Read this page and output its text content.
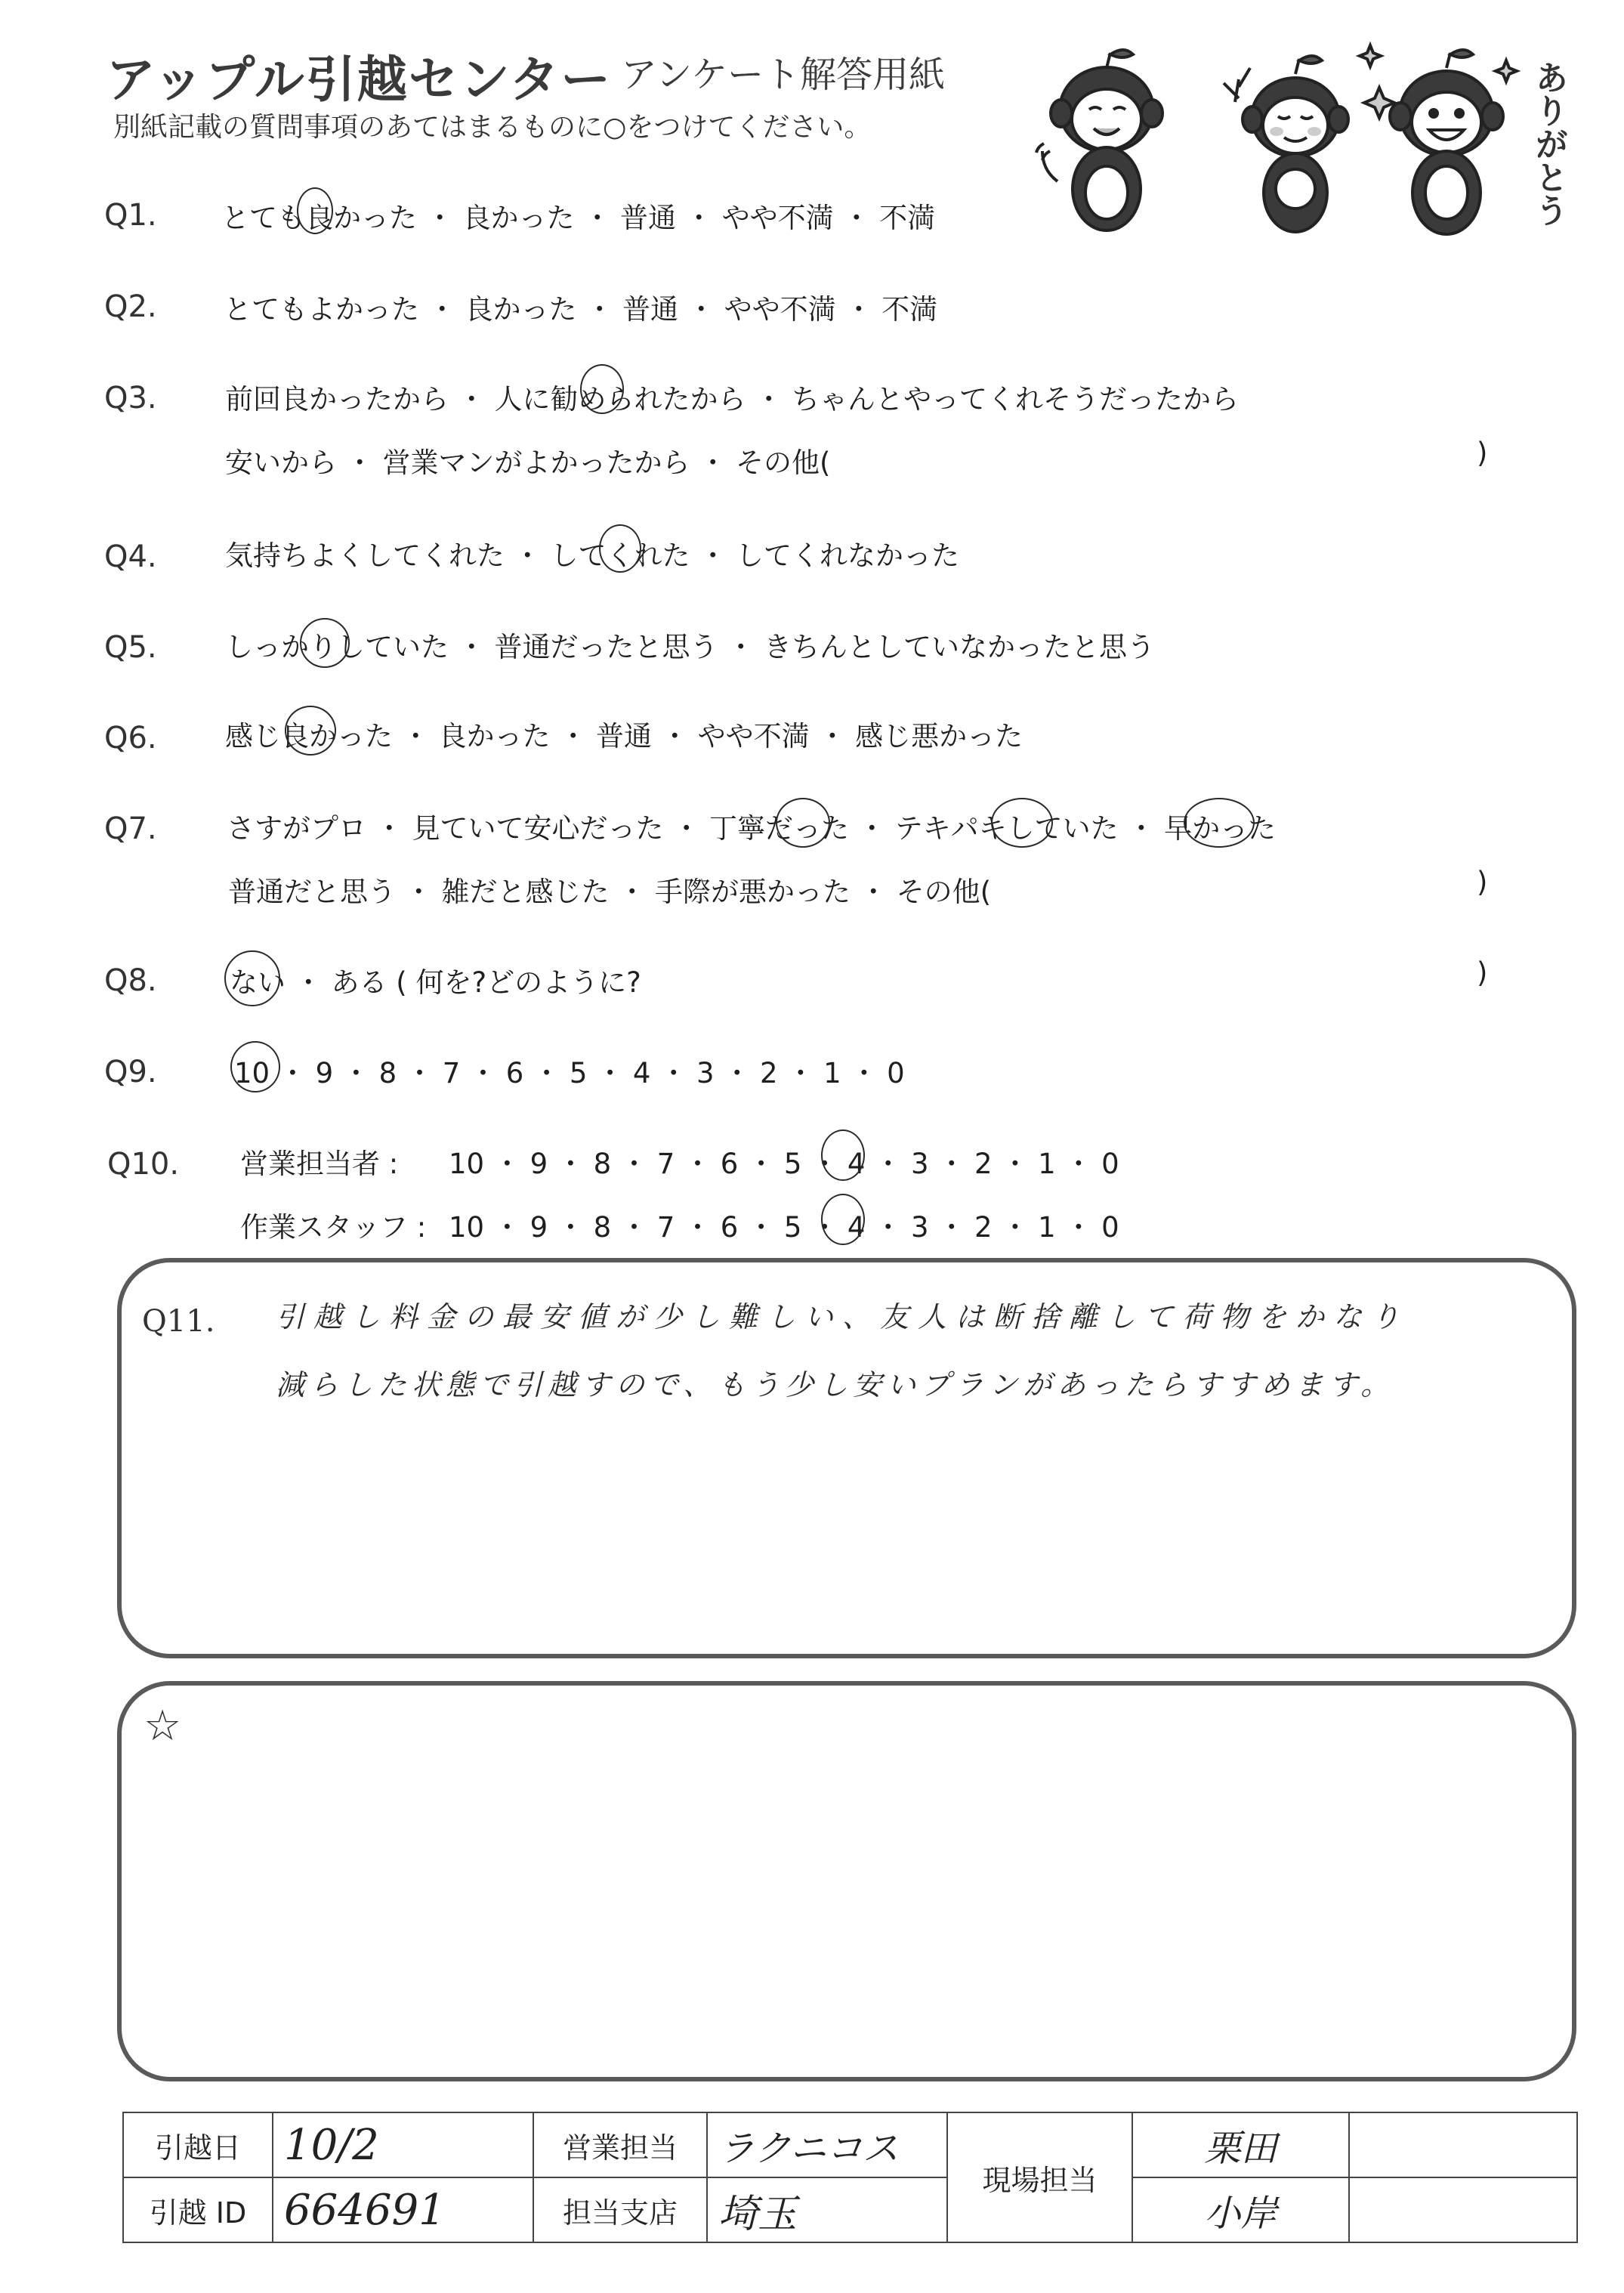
アップル引越センター アンケート解答用紙
別紙記載の質問事項のあてはまるものに○をつけてください。	ありがとう
Q1. とても良かった ・ 良かった ・ 普通 ・ やや不満 ・ 不満
Q2. とてもよかった ・ 良かった ・ 普通 ・ やや不満 ・ 不満
Q3. 前回良かったから ・ 人に勧められたから ・ ちゃんとやってくれそうだったから
安いから ・ 営業マンがよかったから ・ その他(	)
Q4. 気持ちよくしてくれた ・ してくれた ・ してくれなかった
Q5. しっかりしていた ・ 普通だったと思う ・ きちんとしていなかったと思う
Q6. 感じ良かった ・ 良かった ・ 普通 ・ やや不満 ・ 感じ悪かった
Q7. さすがプロ ・ 見ていて安心だった ・ 丁寧だった ・ テキパキしていた ・ 早かった
普通だと思う ・ 雑だと感じた ・ 手際が悪かった ・ その他(	)
Q8.	ない ・ ある ( 何を?どのように?	)
Q9.	10 ・ 9 ・ 8 ・ 7 ・ 6 ・ 5 ・ 4 ・ 3 ・ 2 ・ 1 ・ 0
Q10. 営業担当者 : 10 ・ 9 ・ 8 ・ 7 ・ 6 ・ 5 ・ 4 ・ 3 ・ 2 ・ 1 ・ 0
作業スタッフ : 10 ・ 9 ・ 8 ・ 7 ・ 6 ・ 5 ・ 4 ・ 3 ・ 2 ・ 1 ・ 0
Q11. 引越し料金の最安値が少し難しい、友人は断捨離して荷物をかなり
減らした状態で引越すので、もう少し安いプランがあったらすすめます。
☆
引越日	10/2	営業担当	ラクニコス	現場担当	栗田	
引越 ID	664691	担当支店	埼玉		小岸	
